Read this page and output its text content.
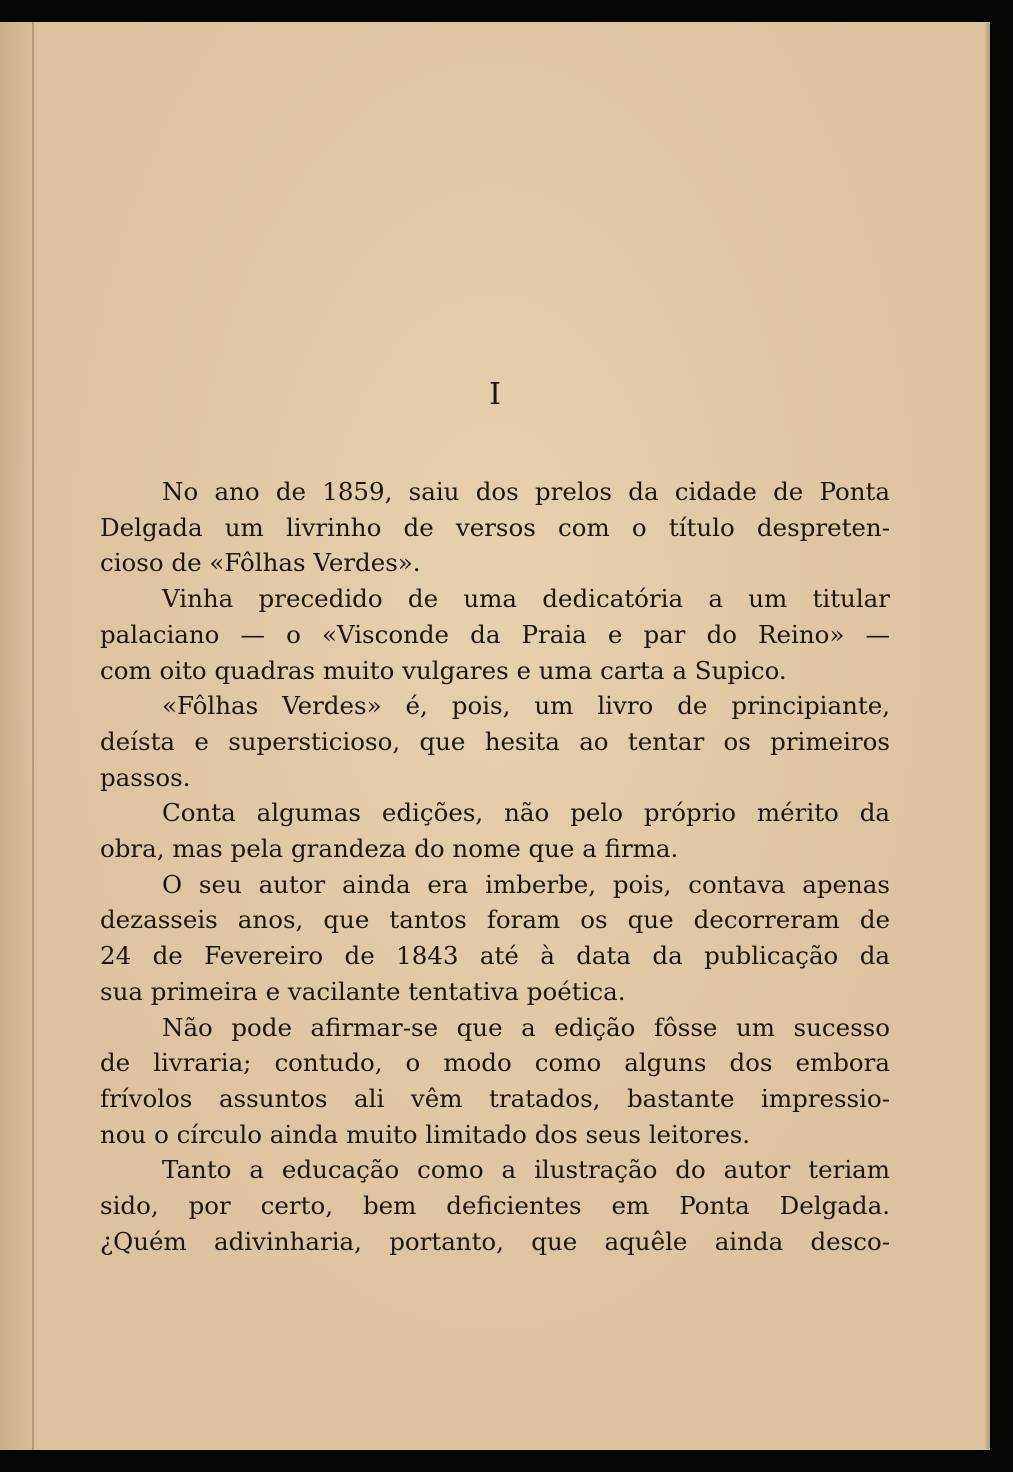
I
No ano de 1859, saiu dos prelos da cidade de Ponta
Delgada um livrinho de versos com o título despreten-
cioso de «Fôlhas Verdes».
Vinha precedido de uma dedicatória a um titular
palaciano — o «Visconde da Praia e par do Reino» —
com oito quadras muito vulgares e uma carta a Supico.
«Fôlhas Verdes» é, pois, um livro de principiante,
deísta e supersticioso, que hesita ao tentar os primeiros
passos.
Conta algumas edições, não pelo próprio mérito da
obra, mas pela grandeza do nome que a firma.
O seu autor ainda era imberbe, pois, contava apenas
dezasseis anos, que tantos foram os que decorreram de
24 de Fevereiro de 1843 até à data da publicação da
sua primeira e vacilante tentativa poética.
Não pode afirmar-se que a edição fôsse um sucesso
de livraria; contudo, o modo como alguns dos embora
frívolos assuntos ali vêm tratados, bastante impressio-
nou o círculo ainda muito limitado dos seus leitores.
Tanto a educação como a ilustração do autor teriam
sido, por certo, bem deficientes em Ponta Delgada.
¿Quém adivinharia, portanto, que aquêle ainda desco-
